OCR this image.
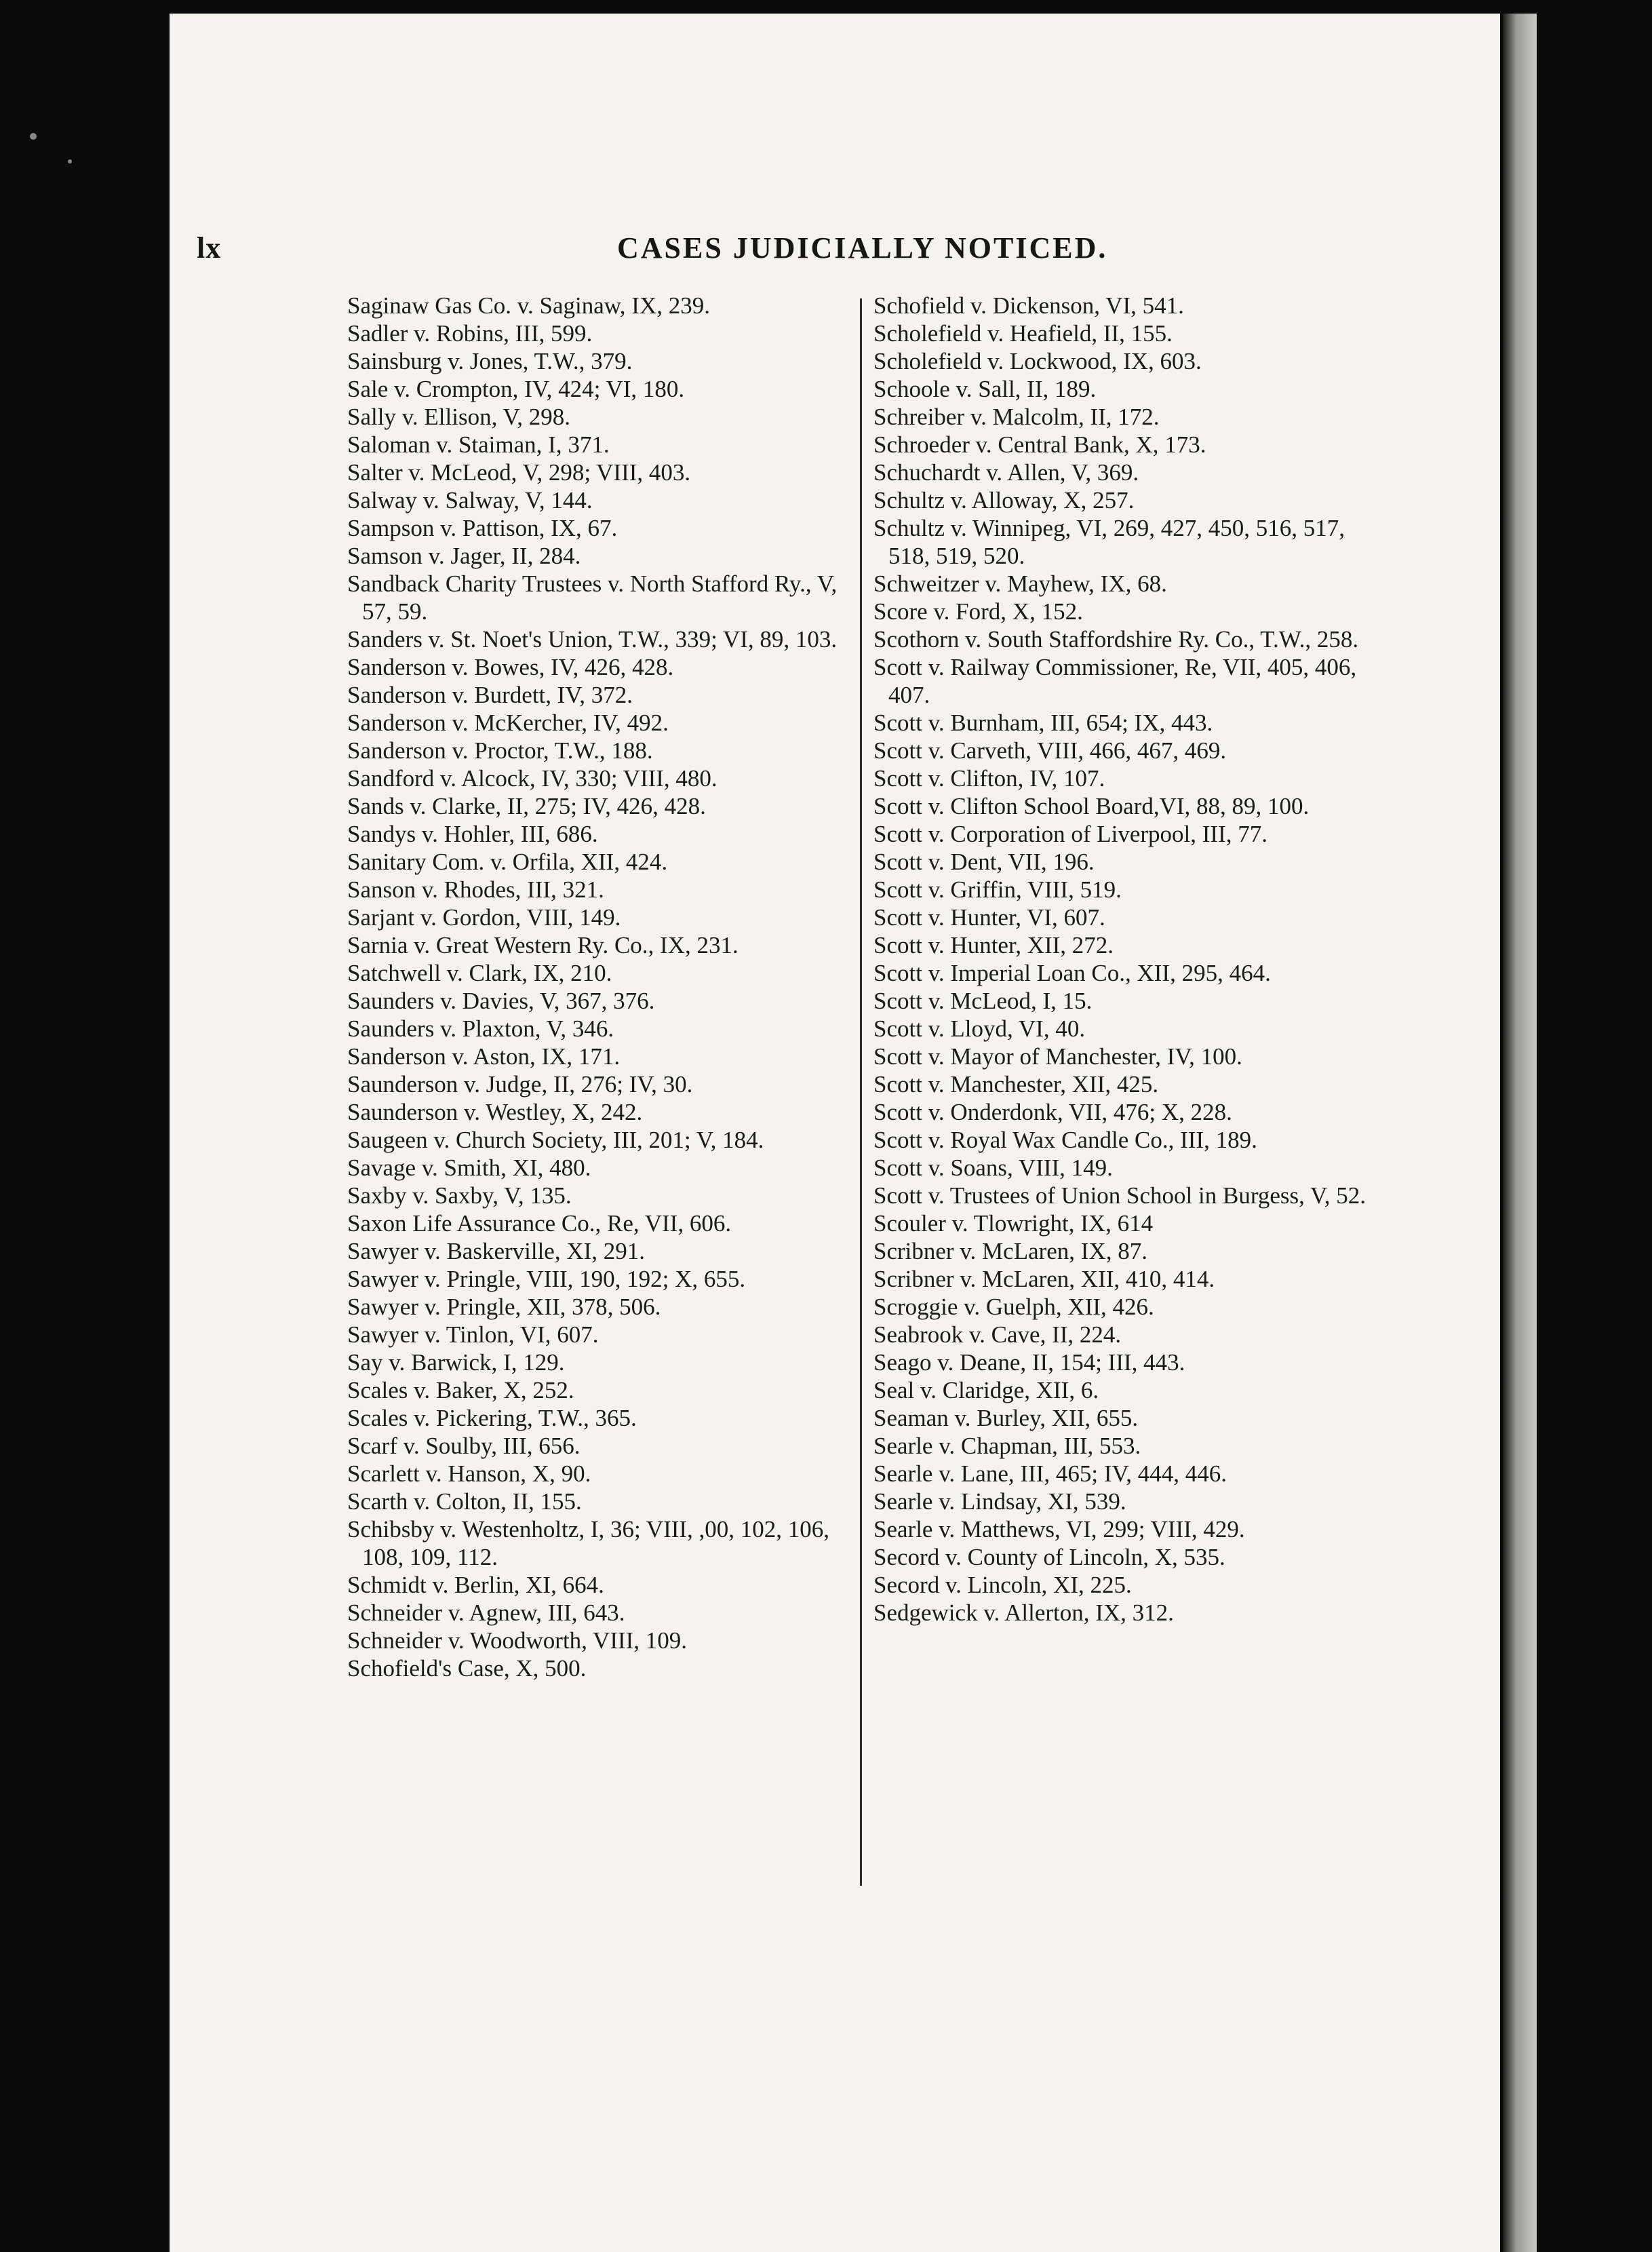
lx	CASES JUDICIALLY NOTICED.
Saginaw Gas Co. v. Saginaw, IX, 239.
Sadler v. Robins, III, 599.
Sainsburg v. Jones, T.W., 379.
Sale v. Crompton, IV, 424; VI, 180.
Sally v. Ellison, V, 298.
Saloman v. Staiman, I, 371.
Salter v. McLeod, V, 298; VIII, 403.
Salway v. Salway, V, 144.
Sampson v. Pattison, IX, 67.
Samson v. Jager, II, 284.
Sandback Charity Trustees v. North Stafford Ry., V, 57, 59.
Sanders v. St. Noet's Union, T.W., 339; VI, 89, 103.
Sanderson v. Bowes, IV, 426, 428.
Sanderson v. Burdett, IV, 372.
Sanderson v. McKercher, IV, 492.
Sanderson v. Proctor, T.W., 188.
Sandford v. Alcock, IV, 330; VIII, 480.
Sands v. Clarke, II, 275; IV, 426, 428.
Sandys v. Hohler, III, 686.
Sanitary Com. v. Orfila, XII, 424.
Sanson v. Rhodes, III, 321.
Sarjant v. Gordon, VIII, 149.
Sarnia v. Great Western Ry. Co., IX, 231.
Satchwell v. Clark, IX, 210.
Saunders v. Davies, V, 367, 376.
Saunders v. Plaxton, V, 346.
Sanderson v. Aston, IX, 171.
Saunderson v. Judge, II, 276; IV, 30.
Saunderson v. Westley, X, 242.
Saugeen v. Church Society, III, 201; V, 184.
Savage v. Smith, XI, 480.
Saxby v. Saxby, V, 135.
Saxon Life Assurance Co., Re, VII, 606.
Sawyer v. Baskerville, XI, 291.
Sawyer v. Pringle, VIII, 190, 192; X, 655.
Sawyer v. Pringle, XII, 378, 506.
Sawyer v. Tinlon, VI, 607.
Say v. Barwick, I, 129.
Scales v. Baker, X, 252.
Scales v. Pickering, T.W., 365.
Scarf v. Soulby, III, 656.
Scarlett v. Hanson, X, 90.
Scarth v. Colton, II, 155.
Schibsby v. Westenholtz, I, 36; VIII, ,00, 102, 106, 108, 109, 112.
Schmidt v. Berlin, XI, 664.
Schneider v. Agnew, III, 643.
Schneider v. Woodworth, VIII, 109.
Schofield's Case, X, 500.
Schofield v. Dickenson, VI, 541.
Scholefield v. Heafield, II, 155.
Scholefield v. Lockwood, IX, 603.
Schoole v. Sall, II, 189.
Schreiber v. Malcolm, II, 172.
Schroeder v. Central Bank, X, 173.
Schuchardt v. Allen, V, 369.
Schultz v. Alloway, X, 257.
Schultz v. Winnipeg, VI, 269, 427, 450, 516, 517, 518, 519, 520.
Schweitzer v. Mayhew, IX, 68.
Score v. Ford, X, 152.
Scothorn v. South Staffordshire Ry. Co., T.W., 258.
Scott v. Railway Commissioner, Re, VII, 405, 406, 407.
Scott v. Burnham, III, 654; IX, 443.
Scott v. Carveth, VIII, 466, 467, 469.
Scott v. Clifton, IV, 107.
Scott v. Clifton School Board,VI, 88, 89, 100.
Scott v. Corporation of Liverpool, III, 77.
Scott v. Dent, VII, 196.
Scott v. Griffin, VIII, 519.
Scott v. Hunter, VI, 607.
Scott v. Hunter, XII, 272.
Scott v. Imperial Loan Co., XII, 295, 464.
Scott v. McLeod, I, 15.
Scott v. Lloyd, VI, 40.
Scott v. Mayor of Manchester, IV, 100.
Scott v. Manchester, XII, 425.
Scott v. Onderdonk, VII, 476; X, 228.
Scott v. Royal Wax Candle Co., III, 189.
Scott v. Soans, VIII, 149.
Scott v. Trustees of Union School in Burgess, V, 52.
Scouler v. Tlowright, IX, 614
Scribner v. McLaren, IX, 87.
Scribner v. McLaren, XII, 410, 414.
Scroggie v. Guelph, XII, 426.
Seabrook v. Cave, II, 224.
Seago v. Deane, II, 154; III, 443.
Seal v. Claridge, XII, 6.
Seaman v. Burley, XII, 655.
Searle v. Chapman, III, 553.
Searle v. Lane, III, 465; IV, 444, 446.
Searle v. Lindsay, XI, 539.
Searle v. Matthews, VI, 299; VIII, 429.
Secord v. County of Lincoln, X, 535.
Secord v. Lincoln, XI, 225.
Sedgewick v. Allerton, IX, 312.
